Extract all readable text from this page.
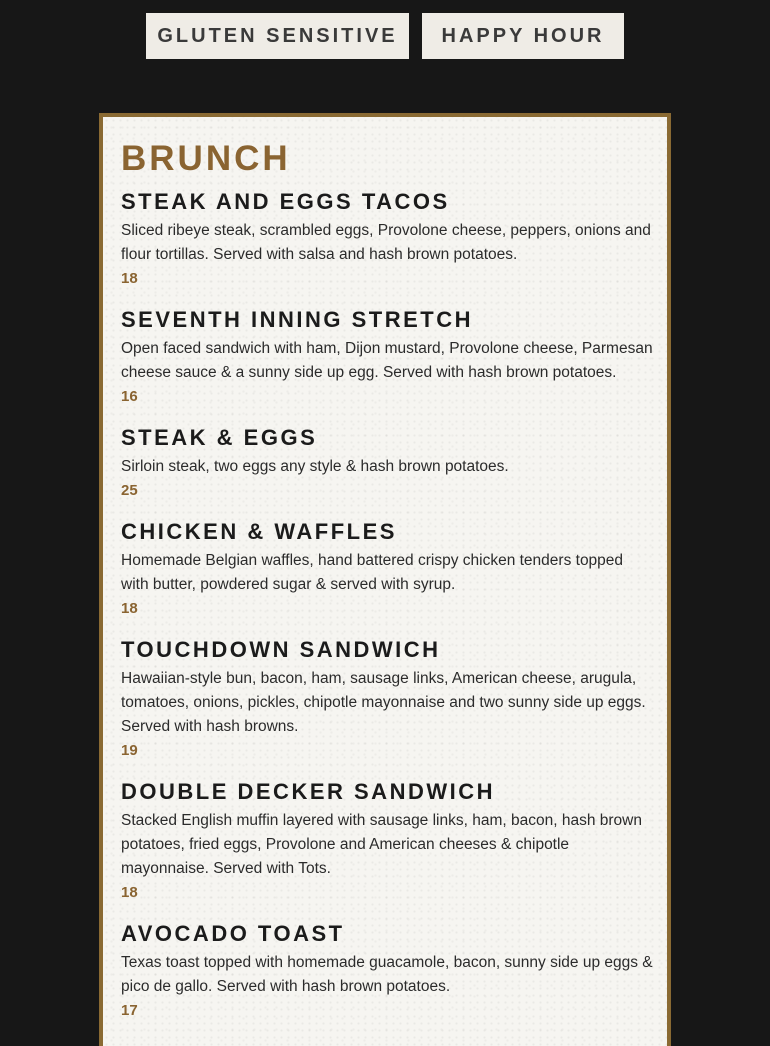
GLUTEN SENSITIVE	HAPPY HOUR
BRUNCH
STEAK AND EGGS TACOS
Sliced ribeye steak, scrambled eggs, Provolone cheese, peppers, onions and flour tortillas. Served with salsa and hash brown potatoes.
18
SEVENTH INNING STRETCH
Open faced sandwich with ham, Dijon mustard, Provolone cheese, Parmesan cheese sauce & a sunny side up egg. Served with hash brown potatoes.
16
STEAK & EGGS
Sirloin steak, two eggs any style & hash brown potatoes.
25
CHICKEN & WAFFLES
Homemade Belgian waffles, hand battered crispy chicken tenders topped with butter, powdered sugar & served with syrup.
18
TOUCHDOWN SANDWICH
Hawaiian-style bun, bacon, ham, sausage links, American cheese, arugula, tomatoes, onions, pickles, chipotle mayonnaise and two sunny side up eggs. Served with hash browns.
19
DOUBLE DECKER SANDWICH
Stacked English muffin layered with sausage links, ham, bacon, hash brown potatoes, fried eggs, Provolone and American cheeses & chipotle mayonnaise. Served with Tots.
18
AVOCADO TOAST
Texas toast topped with homemade guacamole, bacon, sunny side up eggs & pico de gallo. Served with hash brown potatoes.
17
